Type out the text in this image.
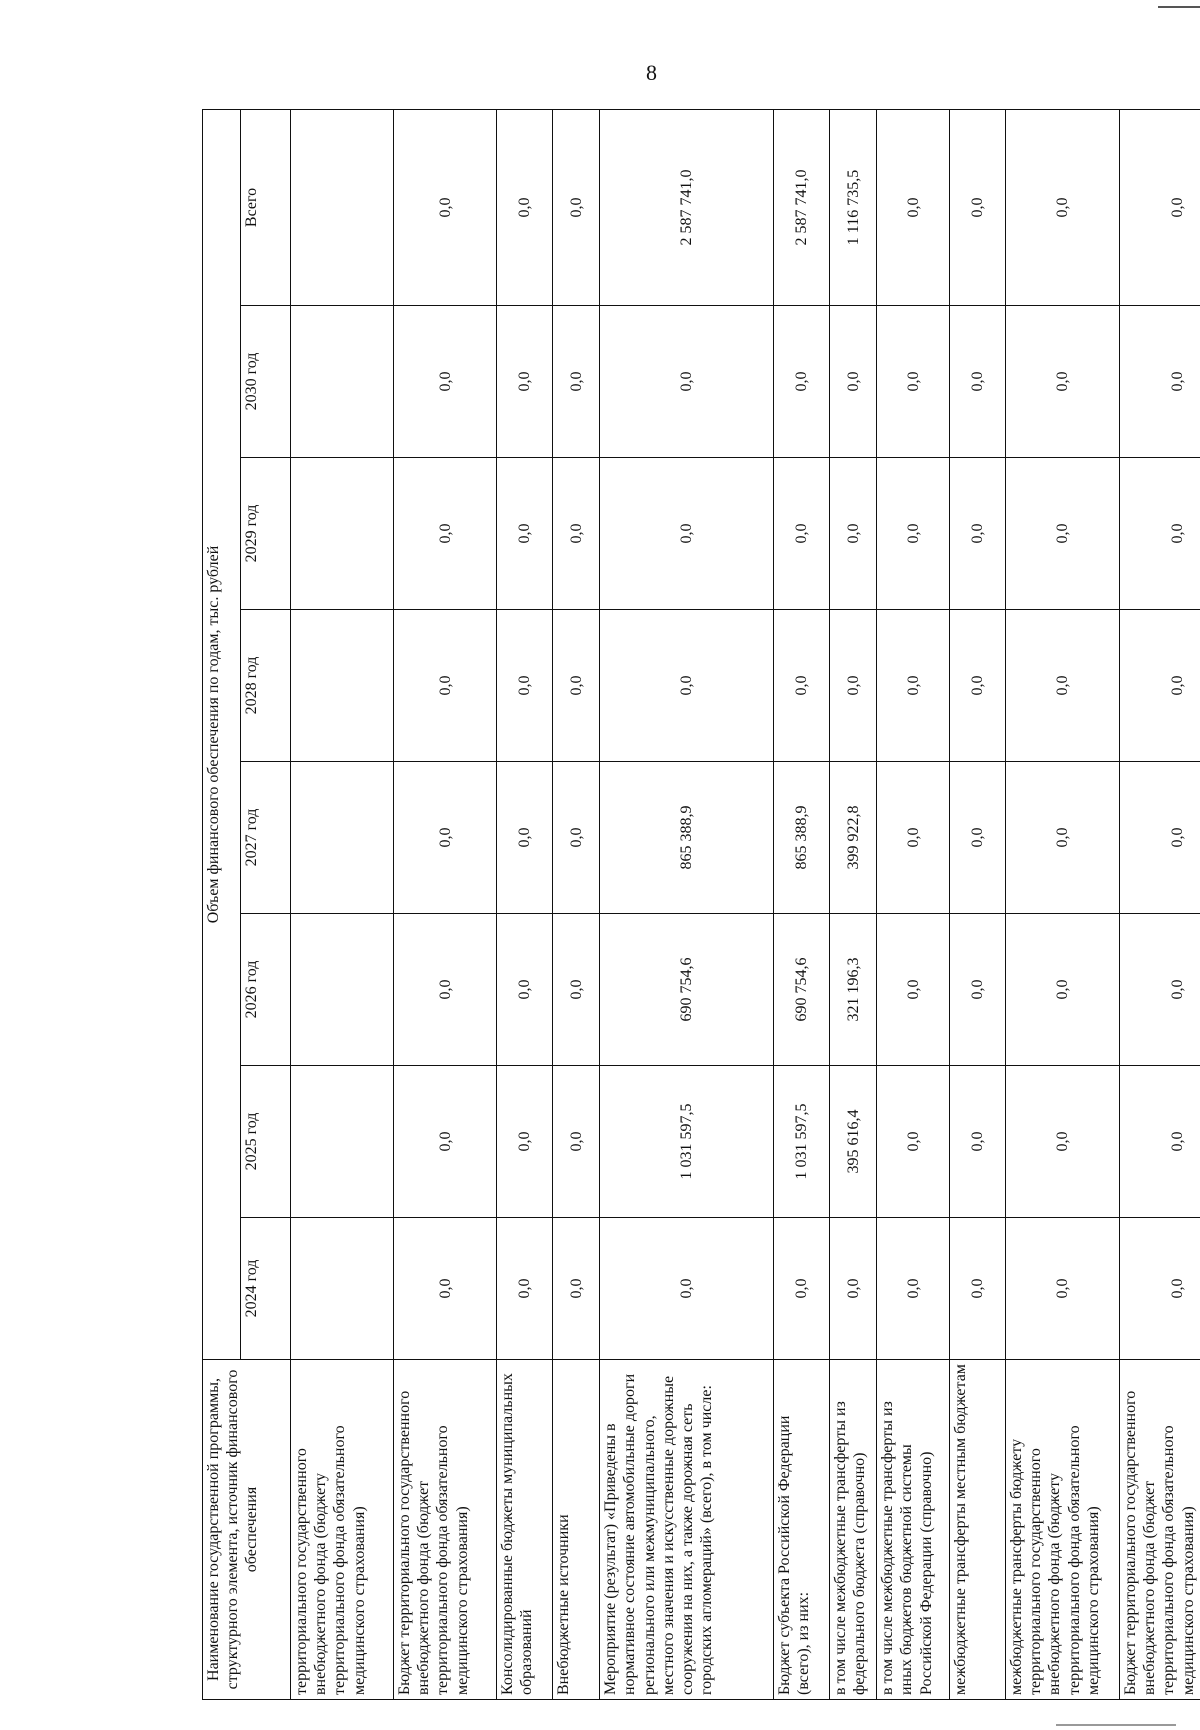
8
Наименование государственной программы, структурного элемента, источник финансового обеспечения	Объем финансового обеспечения по годам, тыс. рублей							
	2024 год	2025 год	2026 год	2027 год	2028 год	2029 год	2030 год	Всего
территориального государственного внебюджетного фонда (бюджету территориального фонда обязательного медицинского страхования)								
Бюджет территориального государственного внебюджетного фонда (бюджет территориального фонда обязательного медицинского страхования)	0,0	0,0	0,0	0,0	0,0	0,0	0,0	0,0
Консолидированные бюджеты муниципальных образований	0,0	0,0	0,0	0,0	0,0	0,0	0,0	0,0
Внебюджетные источники	0,0	0,0	0,0	0,0	0,0	0,0	0,0	0,0
Мероприятие (результат) «Приведены в нормативное состояние автомобильные дороги регионального или межмуниципального, местного значения и искусственные дорожные сооружения на них, а также дорожная сеть городских агломераций» (всего), в том числе:	0,0	1 031 597,5	690 754,6	865 388,9	0,0	0,0	0,0	2 587 741,0
Бюджет субъекта Российской Федерации (всего), из них:	0,0	1 031 597,5	690 754,6	865 388,9	0,0	0,0	0,0	2 587 741,0
в том числе межбюджетные трансферты из федерального бюджета (справочно)	0,0	395 616,4	321 196,3	399 922,8	0,0	0,0	0,0	1 116 735,5
в том числе межбюджетные трансферты из иных бюджетов бюджетной системы Российской Федерации (справочно)	0,0	0,0	0,0	0,0	0,0	0,0	0,0	0,0
межбюджетные трансферты местным бюджетам	0,0	0,0	0,0	0,0	0,0	0,0	0,0	0,0
межбюджетные трансферты бюджету территориального государственного внебюджетного фонда (бюджету территориального фонда обязательного медицинского страхования)	0,0	0,0	0,0	0,0	0,0	0,0	0,0	0,0
Бюджет территориального государственного внебюджетного фонда (бюджет территориального фонда обязательного медицинского страхования)	0,0	0,0	0,0	0,0	0,0	0,0	0,0	0,0
